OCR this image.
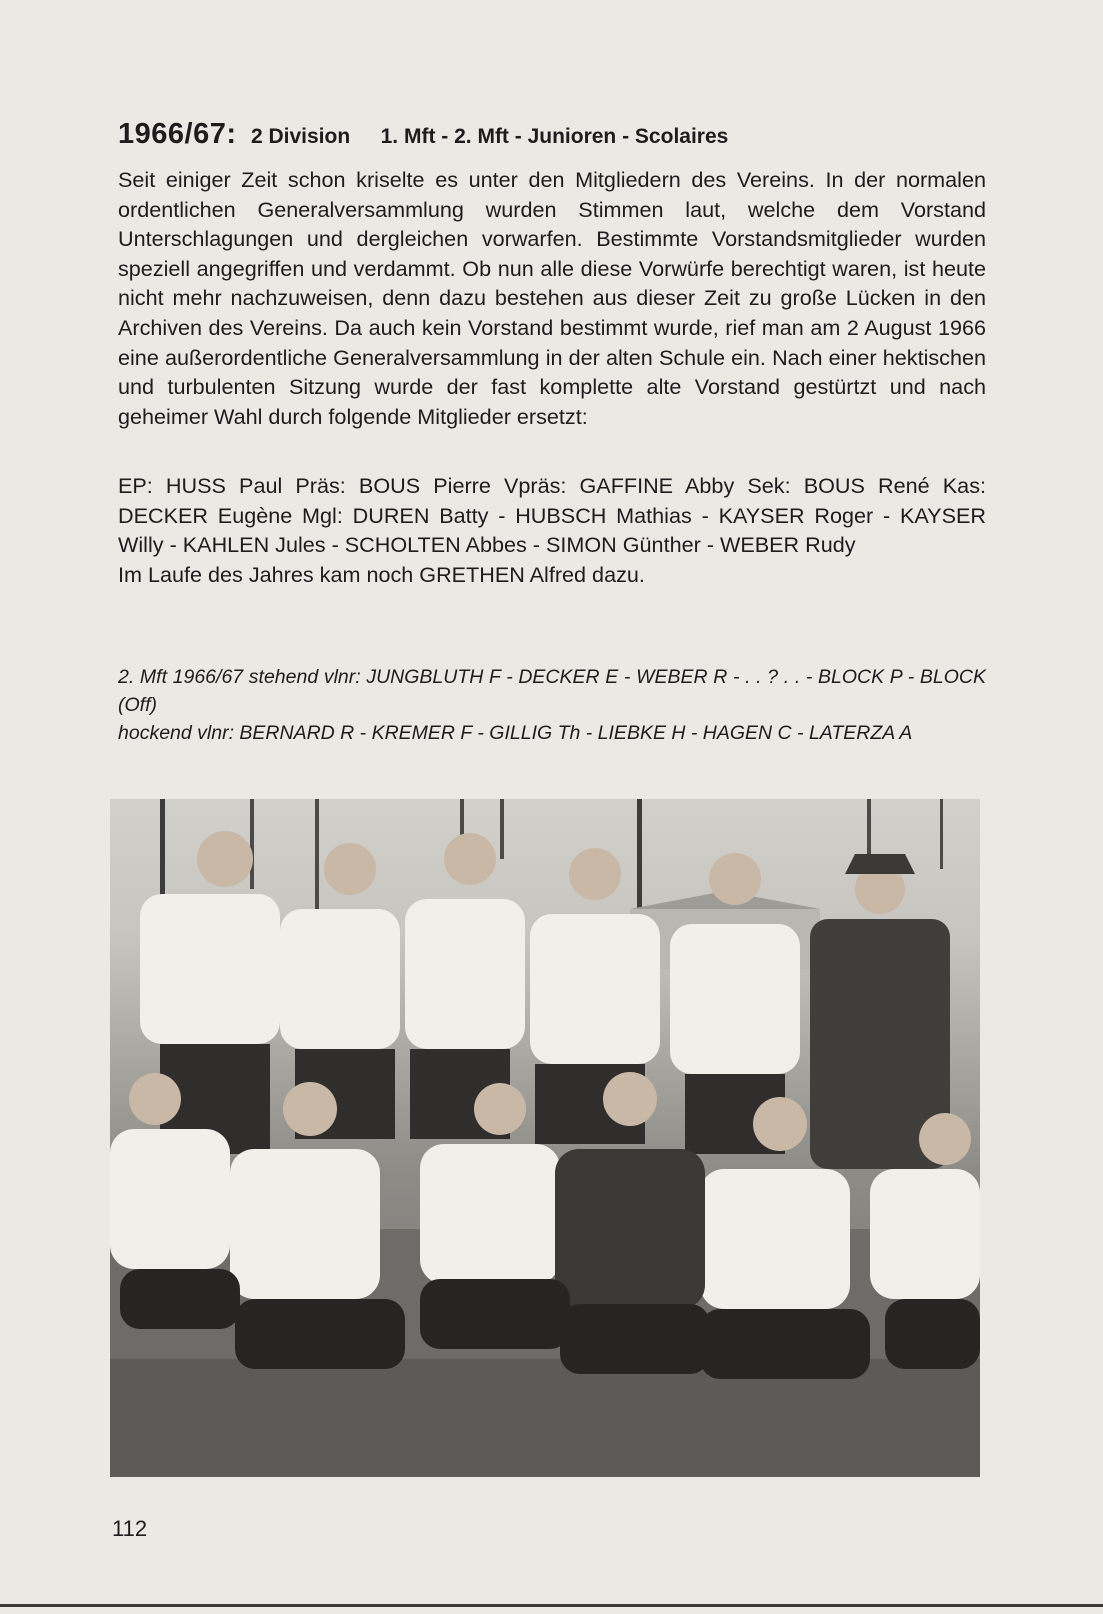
1966/67: 2 Division 1. Mft - 2. Mft - Junioren - Scolaires
Seit einiger Zeit schon kriselte es unter den Mitgliedern des Vereins. In der normalen ordentlichen Generalversammlung wurden Stimmen laut, welche dem Vorstand Unterschlagungen und dergleichen vorwarfen. Bestimmte Vorstandsmitglieder wurden speziell angegriffen und verdammt. Ob nun alle diese Vorwürfe berechtigt waren, ist heute nicht mehr nachzuweisen, denn dazu bestehen aus dieser Zeit zu große Lücken in den Archiven des Vereins. Da auch kein Vorstand bestimmt wurde, rief man am 2 August 1966 eine außerordentliche Generalversammlung in der alten Schule ein. Nach einer hektischen und turbulenten Sitzung wurde der fast komplette alte Vorstand gestürtzt und nach geheimer Wahl durch folgende Mitglieder ersetzt:

EP: HUSS Paul Präs: BOUS Pierre Vpräs: GAFFINE Abby Sek: BOUS René Kas: DECKER Eugène Mgl: DUREN Batty - HUBSCH Mathias - KAYSER Roger - KAYSER Willy - KAHLEN Jules - SCHOLTEN Abbes - SIMON Günther - WEBER Rudy

Im Laufe des Jahres kam noch GRETHEN Alfred dazu.

2. Mft 1966/67 stehend vlnr: JUNGBLUTH F - DECKER E - WEBER R - . . ? . . - BLOCK P - BLOCK (Off)

hockend vlnr: BERNARD R - KREMER F - GILLIG Th - LIEBKE H - HAGEN C - LATERZA A

112
